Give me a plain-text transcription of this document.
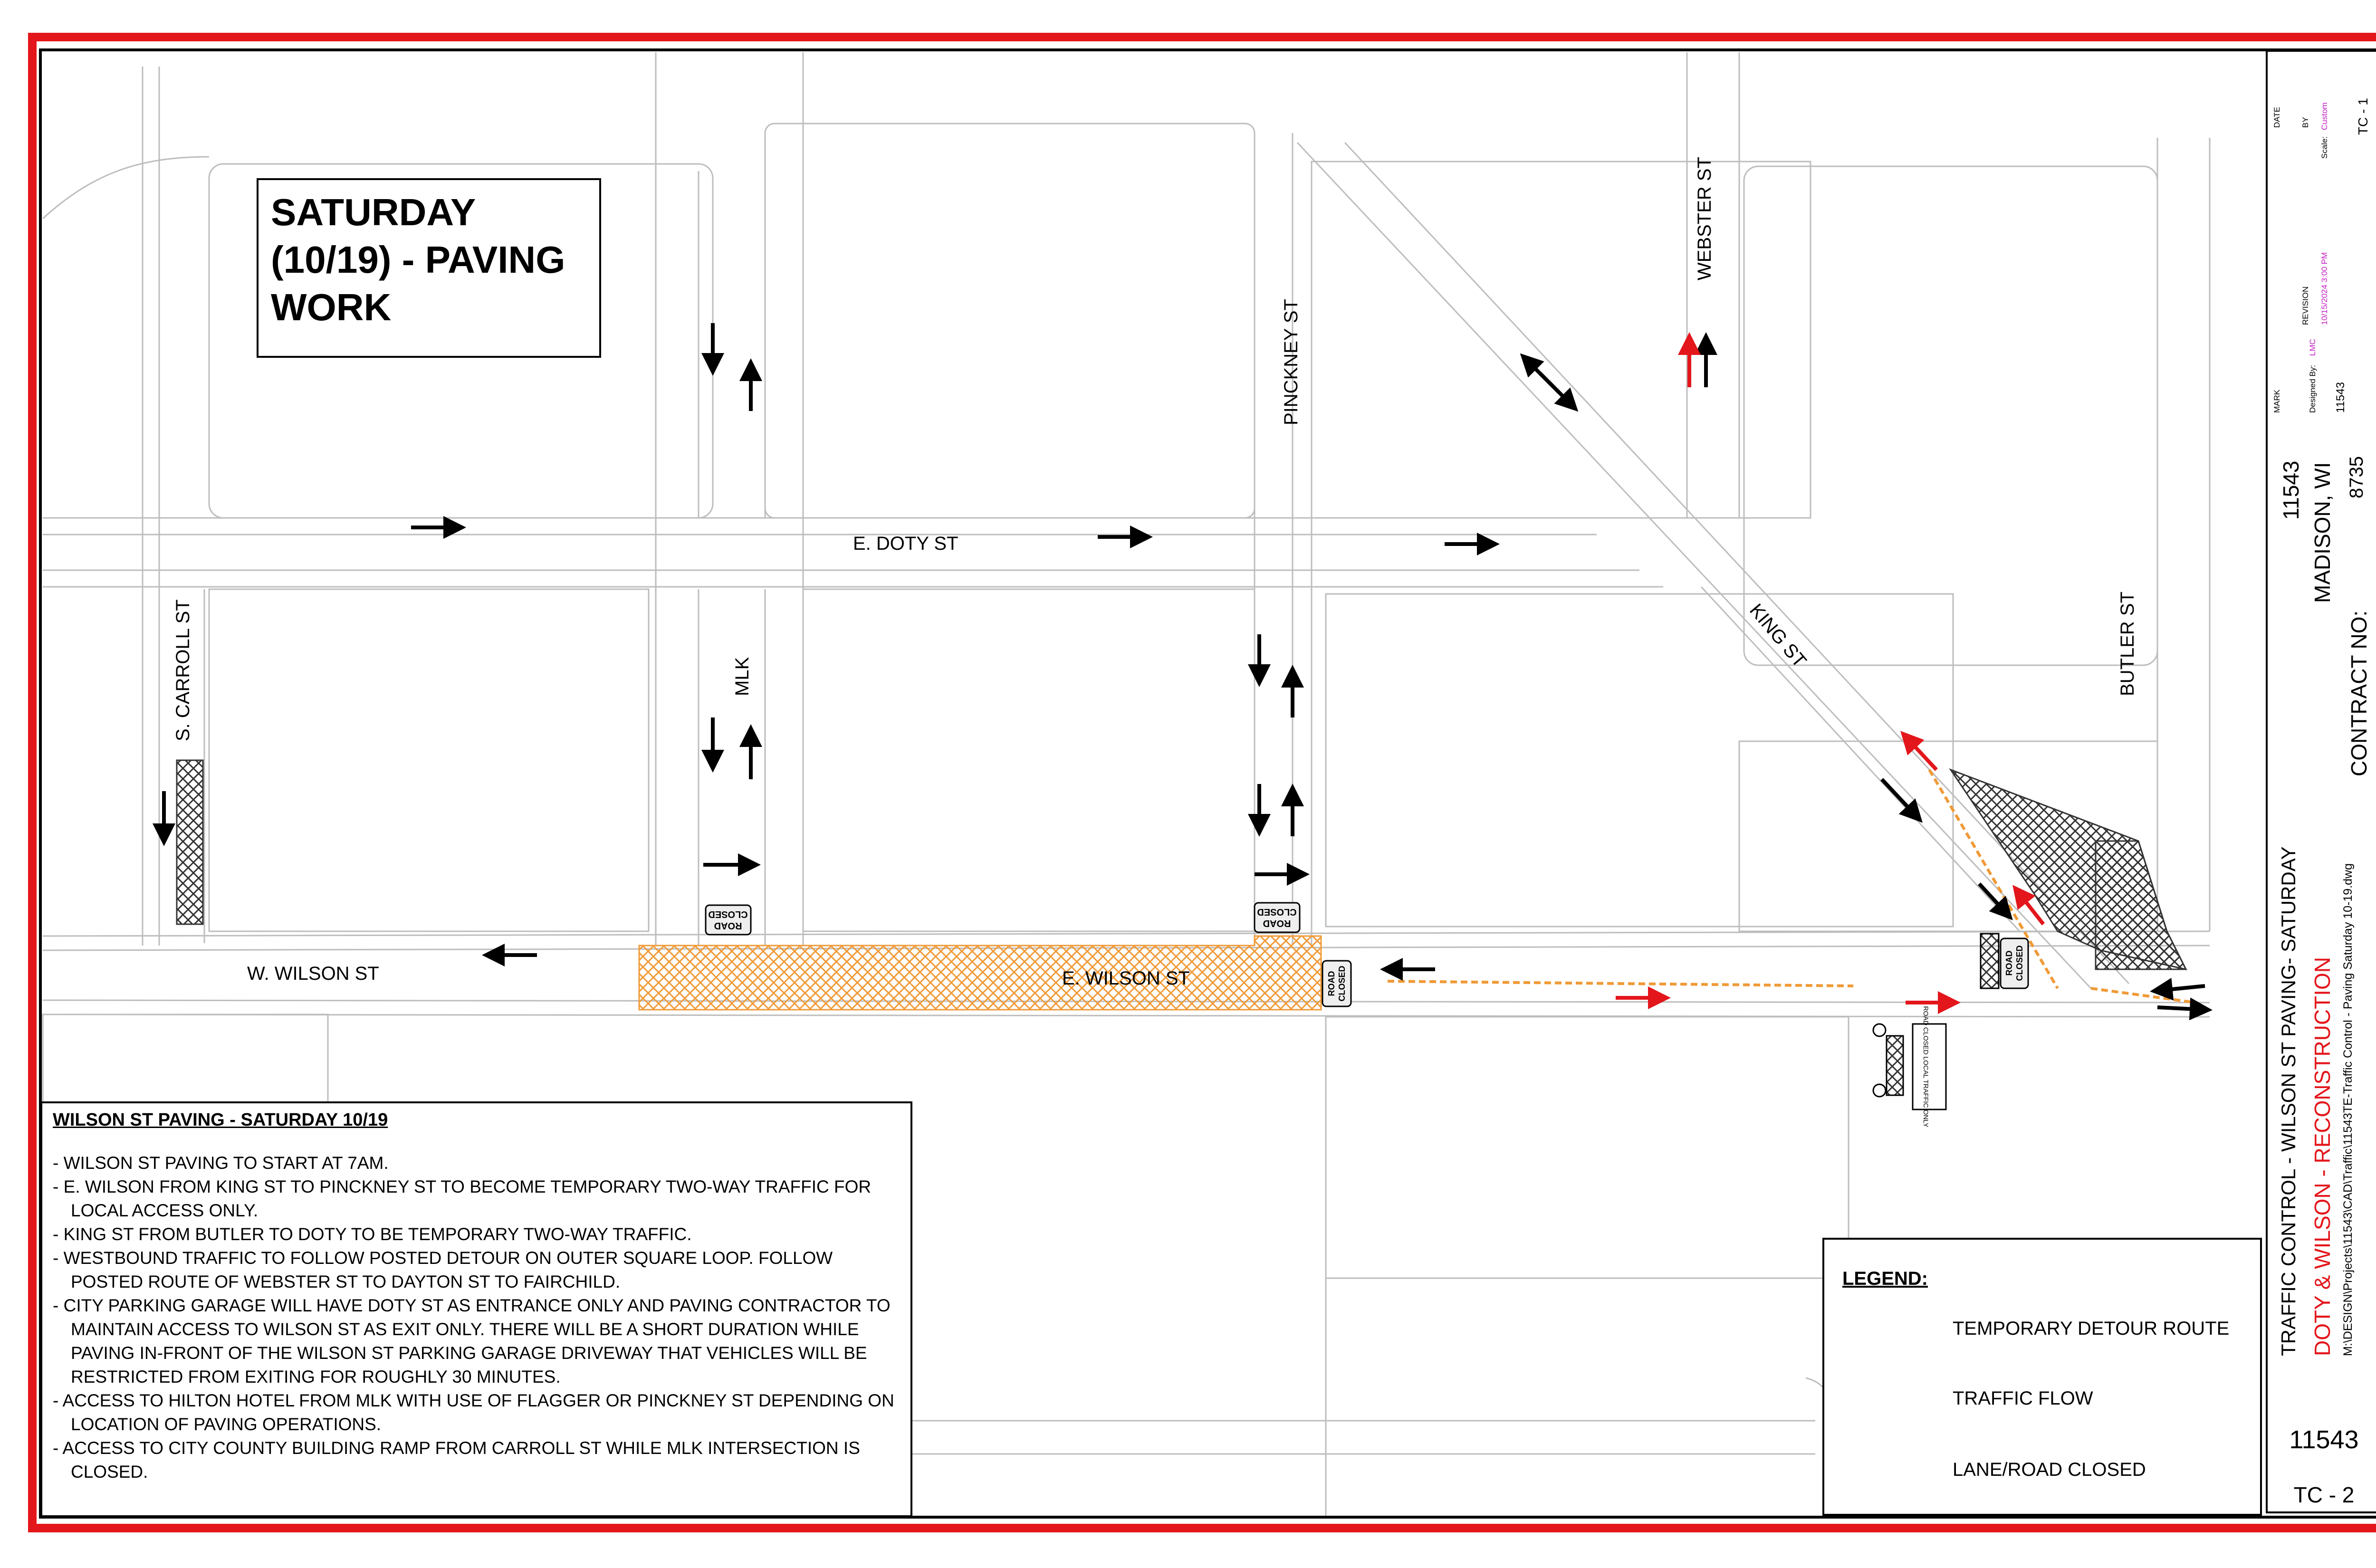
ROAD
CLOSED
ROAD
CLOSED
ROAD CLOSED
ROAD CLOSED
ROAD CLOSED LOCAL TRAFFIC ONLY
E. DOTY ST
W. WILSON ST	E. WILSON ST
PINCKNEY ST
WEBSTER ST
KING ST	BUTLER ST
S. CARROLL ST	MLK
SATURDAY
(10/19) - PAVING
WORK
WILSON ST PAVING - SATURDAY 10/19
- WILSON ST PAVING TO START AT 7AM.
- E. WILSON FROM KING ST TO PINCKNEY ST TO BECOME TEMPORARY TWO-WAY TRAFFIC FOR LOCAL ACCESS ONLY.
- KING ST FROM BUTLER TO DOTY TO BE TEMPORARY TWO-WAY TRAFFIC.
- WESTBOUND TRAFFIC TO FOLLOW POSTED DETOUR ON OUTER SQUARE LOOP. FOLLOW POSTED ROUTE OF WEBSTER ST TO DAYTON ST TO FAIRCHILD.
- CITY PARKING GARAGE WILL HAVE DOTY ST AS ENTRANCE ONLY AND PAVING CONTRACTOR TO MAINTAIN ACCESS TO WILSON ST AS EXIT ONLY. THERE WILL BE A SHORT DURATION WHILE PAVING IN-FRONT OF THE WILSON ST PARKING GARAGE DRIVEWAY THAT VEHICLES WILL BE RESTRICTED FROM EXITING FOR ROUGHLY 30 MINUTES.
- ACCESS TO HILTON HOTEL FROM MLK WITH USE OF FLAGGER OR PINCKNEY ST DEPENDING ON LOCATION OF PAVING OPERATIONS.
- ACCESS TO CITY COUNTY BUILDING RAMP FROM CARROLL ST WHILE MLK INTERSECTION IS CLOSED.
LEGEND:
TEMPORARY DETOUR ROUTE
TRAFFIC FLOW
LANE/ROAD CLOSED
TRAFFIC CONTROL - WILSON ST PAVING- SATURDAY DOTY & WILSON - RECONSTRUCTION M:\DESIGN\Projects\11543\CAD\Traffic\11543TE-Traffic Control - Paving Saturday 10-19.dwg
11543 MADISON, WI
CONTRACT NO:
8735
MARK	Designed By:
LMC
REVISION 10/15/2024 3:00 PM
11543
DATE BY
Scale:
Custom TC - 1
11543
TC - 2
